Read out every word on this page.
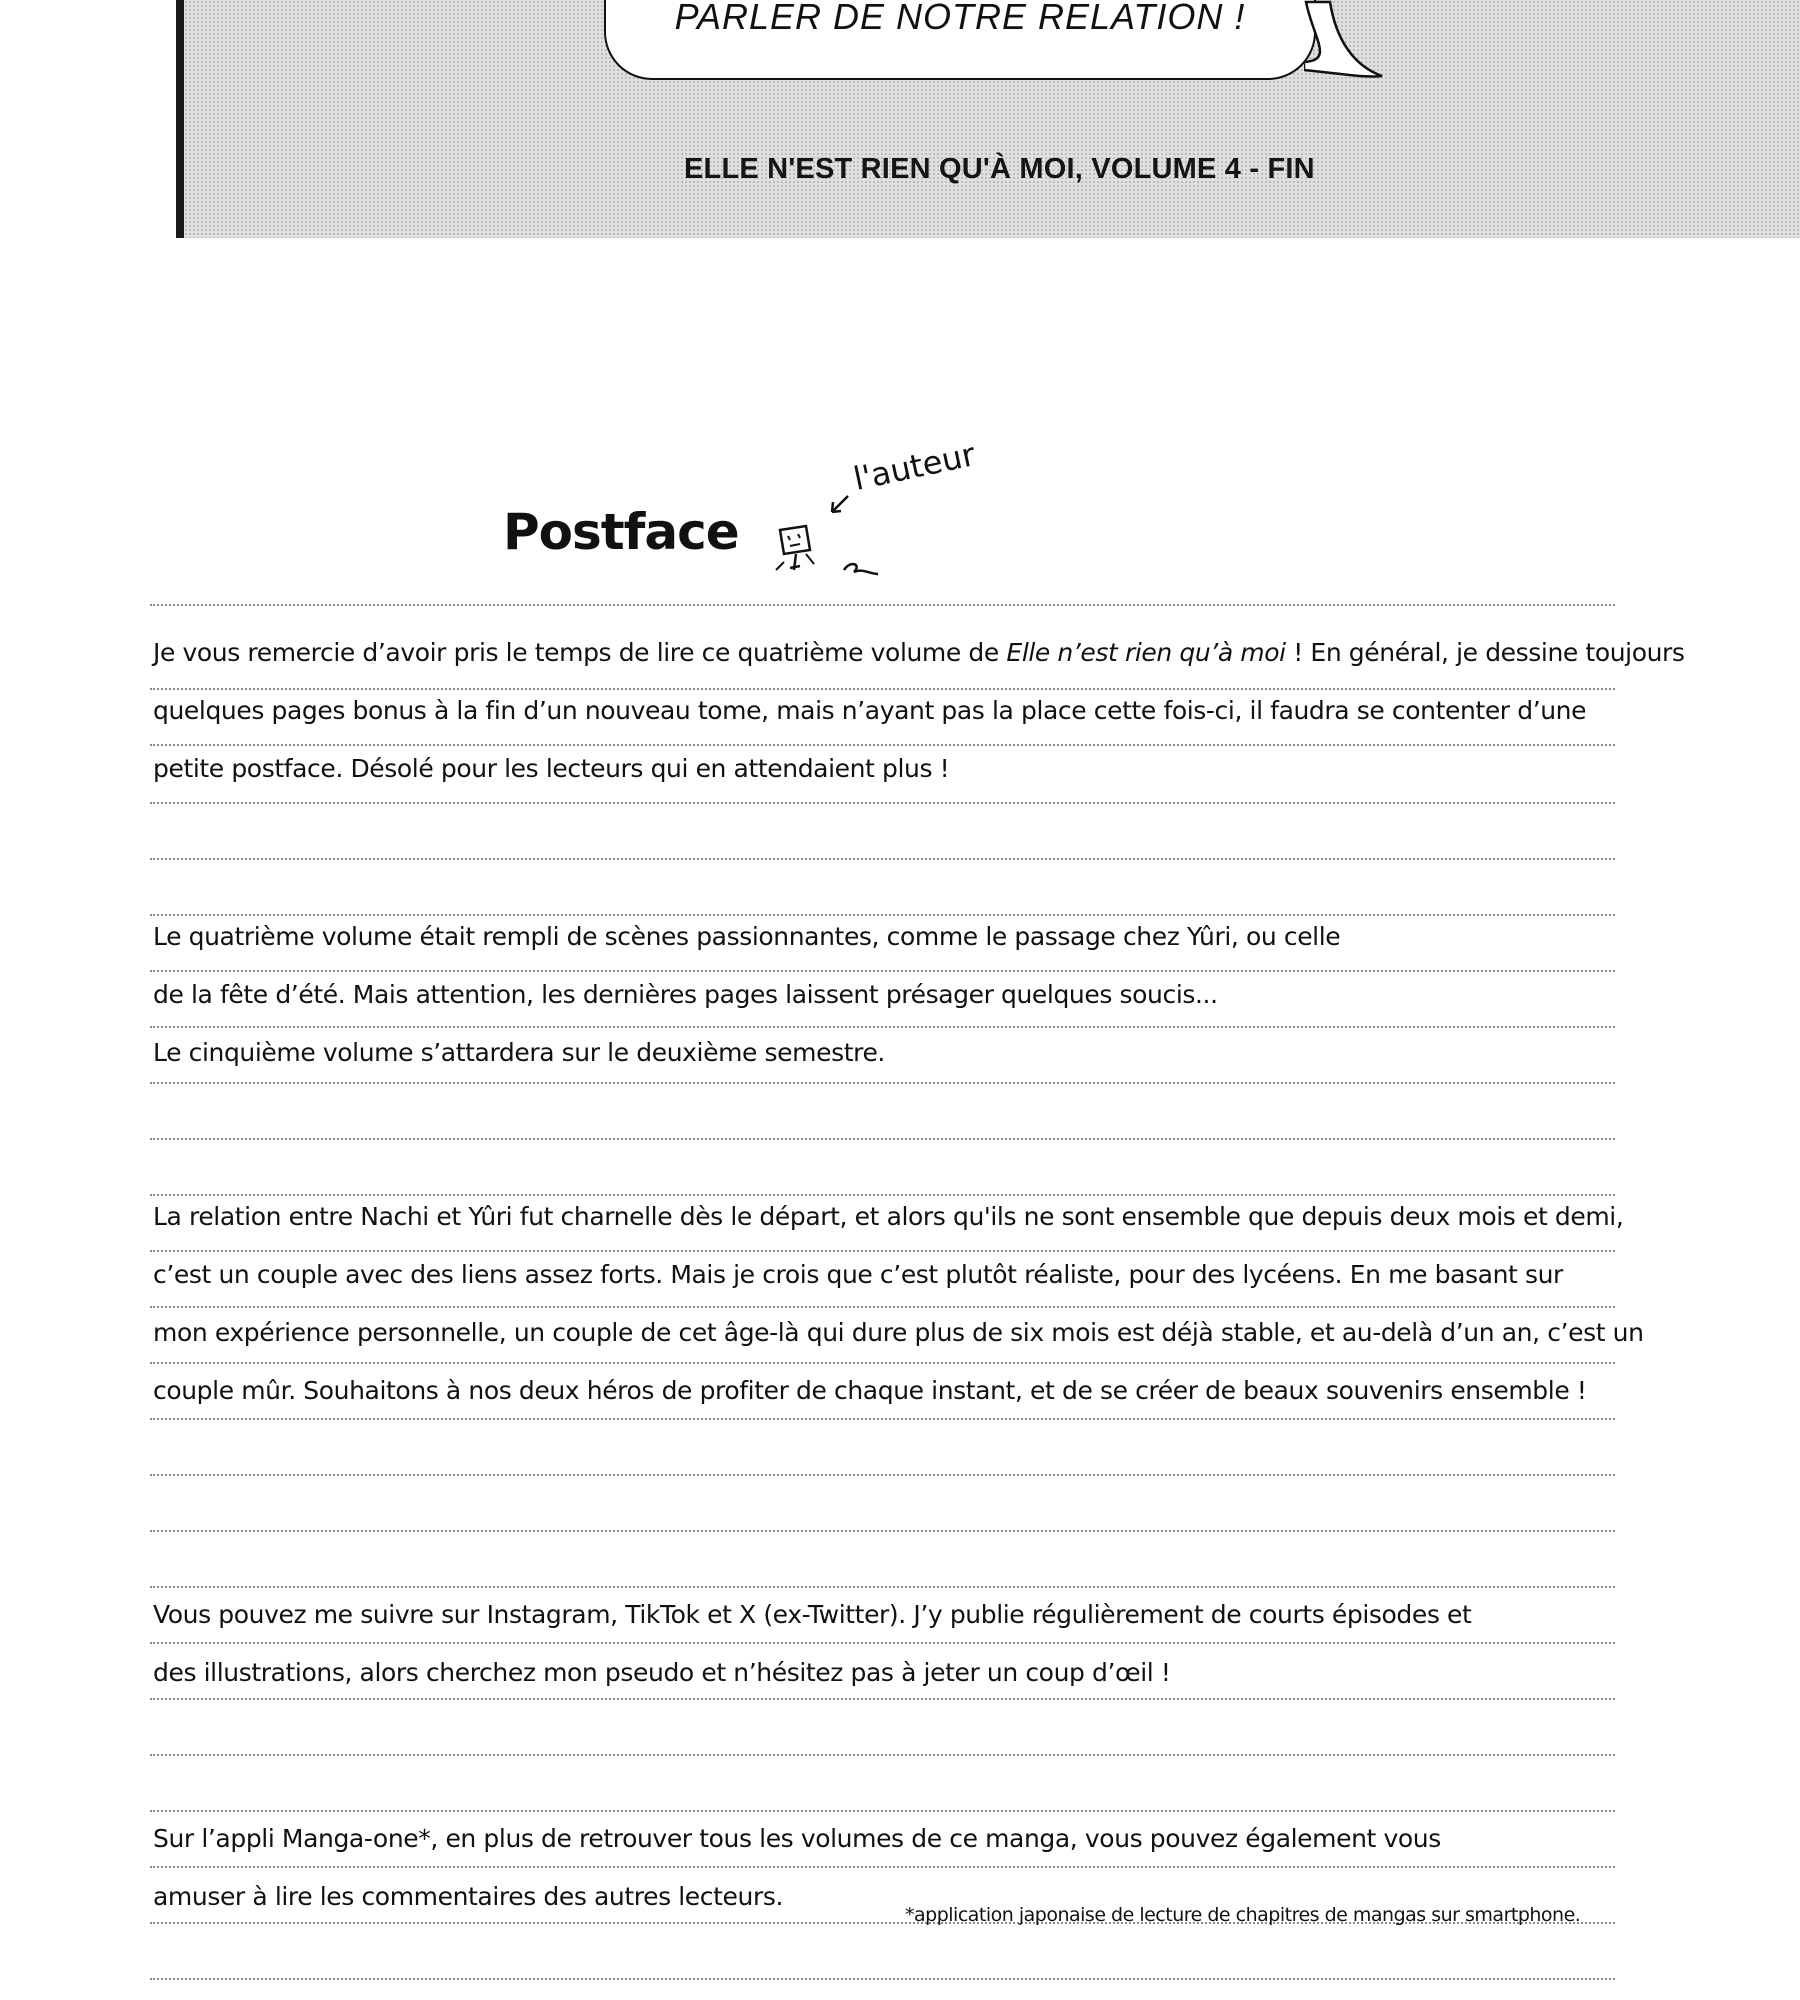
PARLER DE NOTRE RELATION !
ELLE N'EST RIEN QU'À MOI, VOLUME 4 - FIN
Postface
l'auteur
Je vous remercie d’avoir pris le temps de lire ce quatrième volume de Elle n’est rien qu’à moi ! En général, je dessine toujours
quelques pages bonus à la fin d’un nouveau tome, mais n’ayant pas la place cette fois-ci, il faudra se contenter d’une
petite postface. Désolé pour les lecteurs qui en attendaient plus !
Le quatrième volume était rempli de scènes passionnantes, comme le passage chez Yûri, ou celle
de la fête d’été. Mais attention, les dernières pages laissent présager quelques soucis...
Le cinquième volume s’attardera sur le deuxième semestre.
La relation entre Nachi et Yûri fut charnelle dès le départ, et alors qu'ils ne sont ensemble que depuis deux mois et demi,
c’est un couple avec des liens assez forts. Mais je crois que c’est plutôt réaliste, pour des lycéens. En me basant sur
mon expérience personnelle, un couple de cet âge-là qui dure plus de six mois est déjà stable, et au-delà d’un an, c’est un
couple mûr. Souhaitons à nos deux héros de profiter de chaque instant, et de se créer de beaux souvenirs ensemble !
Vous pouvez me suivre sur Instagram, TikTok et X (ex-Twitter). J’y publie régulièrement de courts épisodes et
des illustrations, alors cherchez mon pseudo et n’hésitez pas à jeter un coup d’œil !
Sur l’appli Manga-one*, en plus de retrouver tous les volumes de ce manga, vous pouvez également vous
amuser à lire les commentaires des autres lecteurs.
*application japonaise de lecture de chapitres de mangas sur smartphone.
